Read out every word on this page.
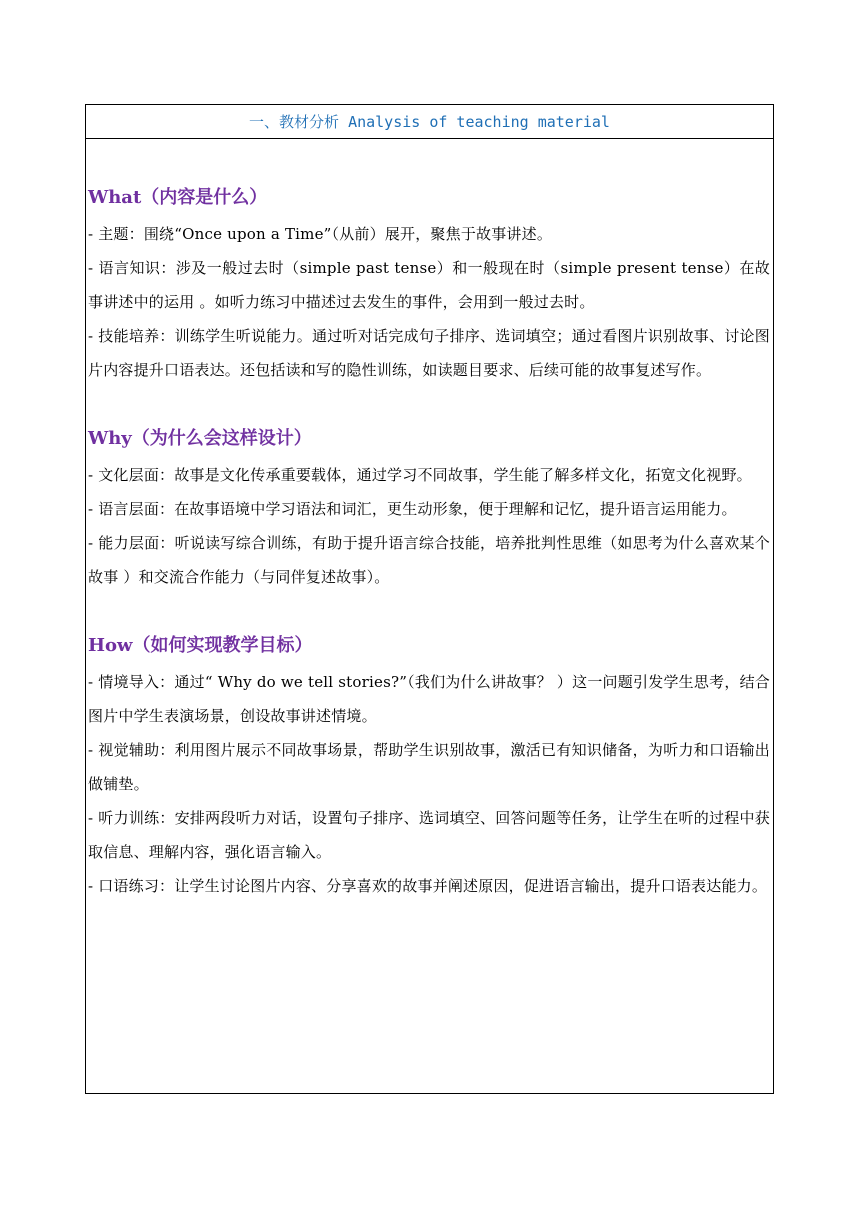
一、教材分析 Analysis of teaching material

What（内容是什么）

- 主题：围绕“Once upon a Time”（从前）展开，聚焦于故事讲述。

- 语言知识：涉及一般过去时（simple past tense）和一般现在时（simple present tense）在故事讲述中的运用 。如听力练习中描述过去发生的事件，会用到一般过去时。

- 技能培养：训练学生听说能力。通过听对话完成句子排序、选词填空；通过看图片识别故事、讨论图片内容提升口语表达。还包括读和写的隐性训练，如读题目要求、后续可能的故事复述写作。

Why（为什么会这样设计）

- 文化层面：故事是文化传承重要载体，通过学习不同故事，学生能了解多样文化，拓宽文化视野。

- 语言层面：在故事语境中学习语法和词汇，更生动形象，便于理解和记忆，提升语言运用能力。

- 能力层面：听说读写综合训练，有助于提升语言综合技能，培养批判性思维（如思考为什么喜欢某个故事 ）和交流合作能力（与同伴复述故事）。

How（如何实现教学目标）

- 情境导入：通过“ Why do we tell stories?”（我们为什么讲故事？ ）这一问题引发学生思考，结合图片中学生表演场景，创设故事讲述情境。

- 视觉辅助：利用图片展示不同故事场景，帮助学生识别故事，激活已有知识储备，为听力和口语输出做铺垫。

- 听力训练：安排两段听力对话，设置句子排序、选词填空、回答问题等任务，让学生在听的过程中获取信息、理解内容，强化语言输入。

- 口语练习：让学生讨论图片内容、分享喜欢的故事并阐述原因，促进语言输出，提升口语表达能力。
